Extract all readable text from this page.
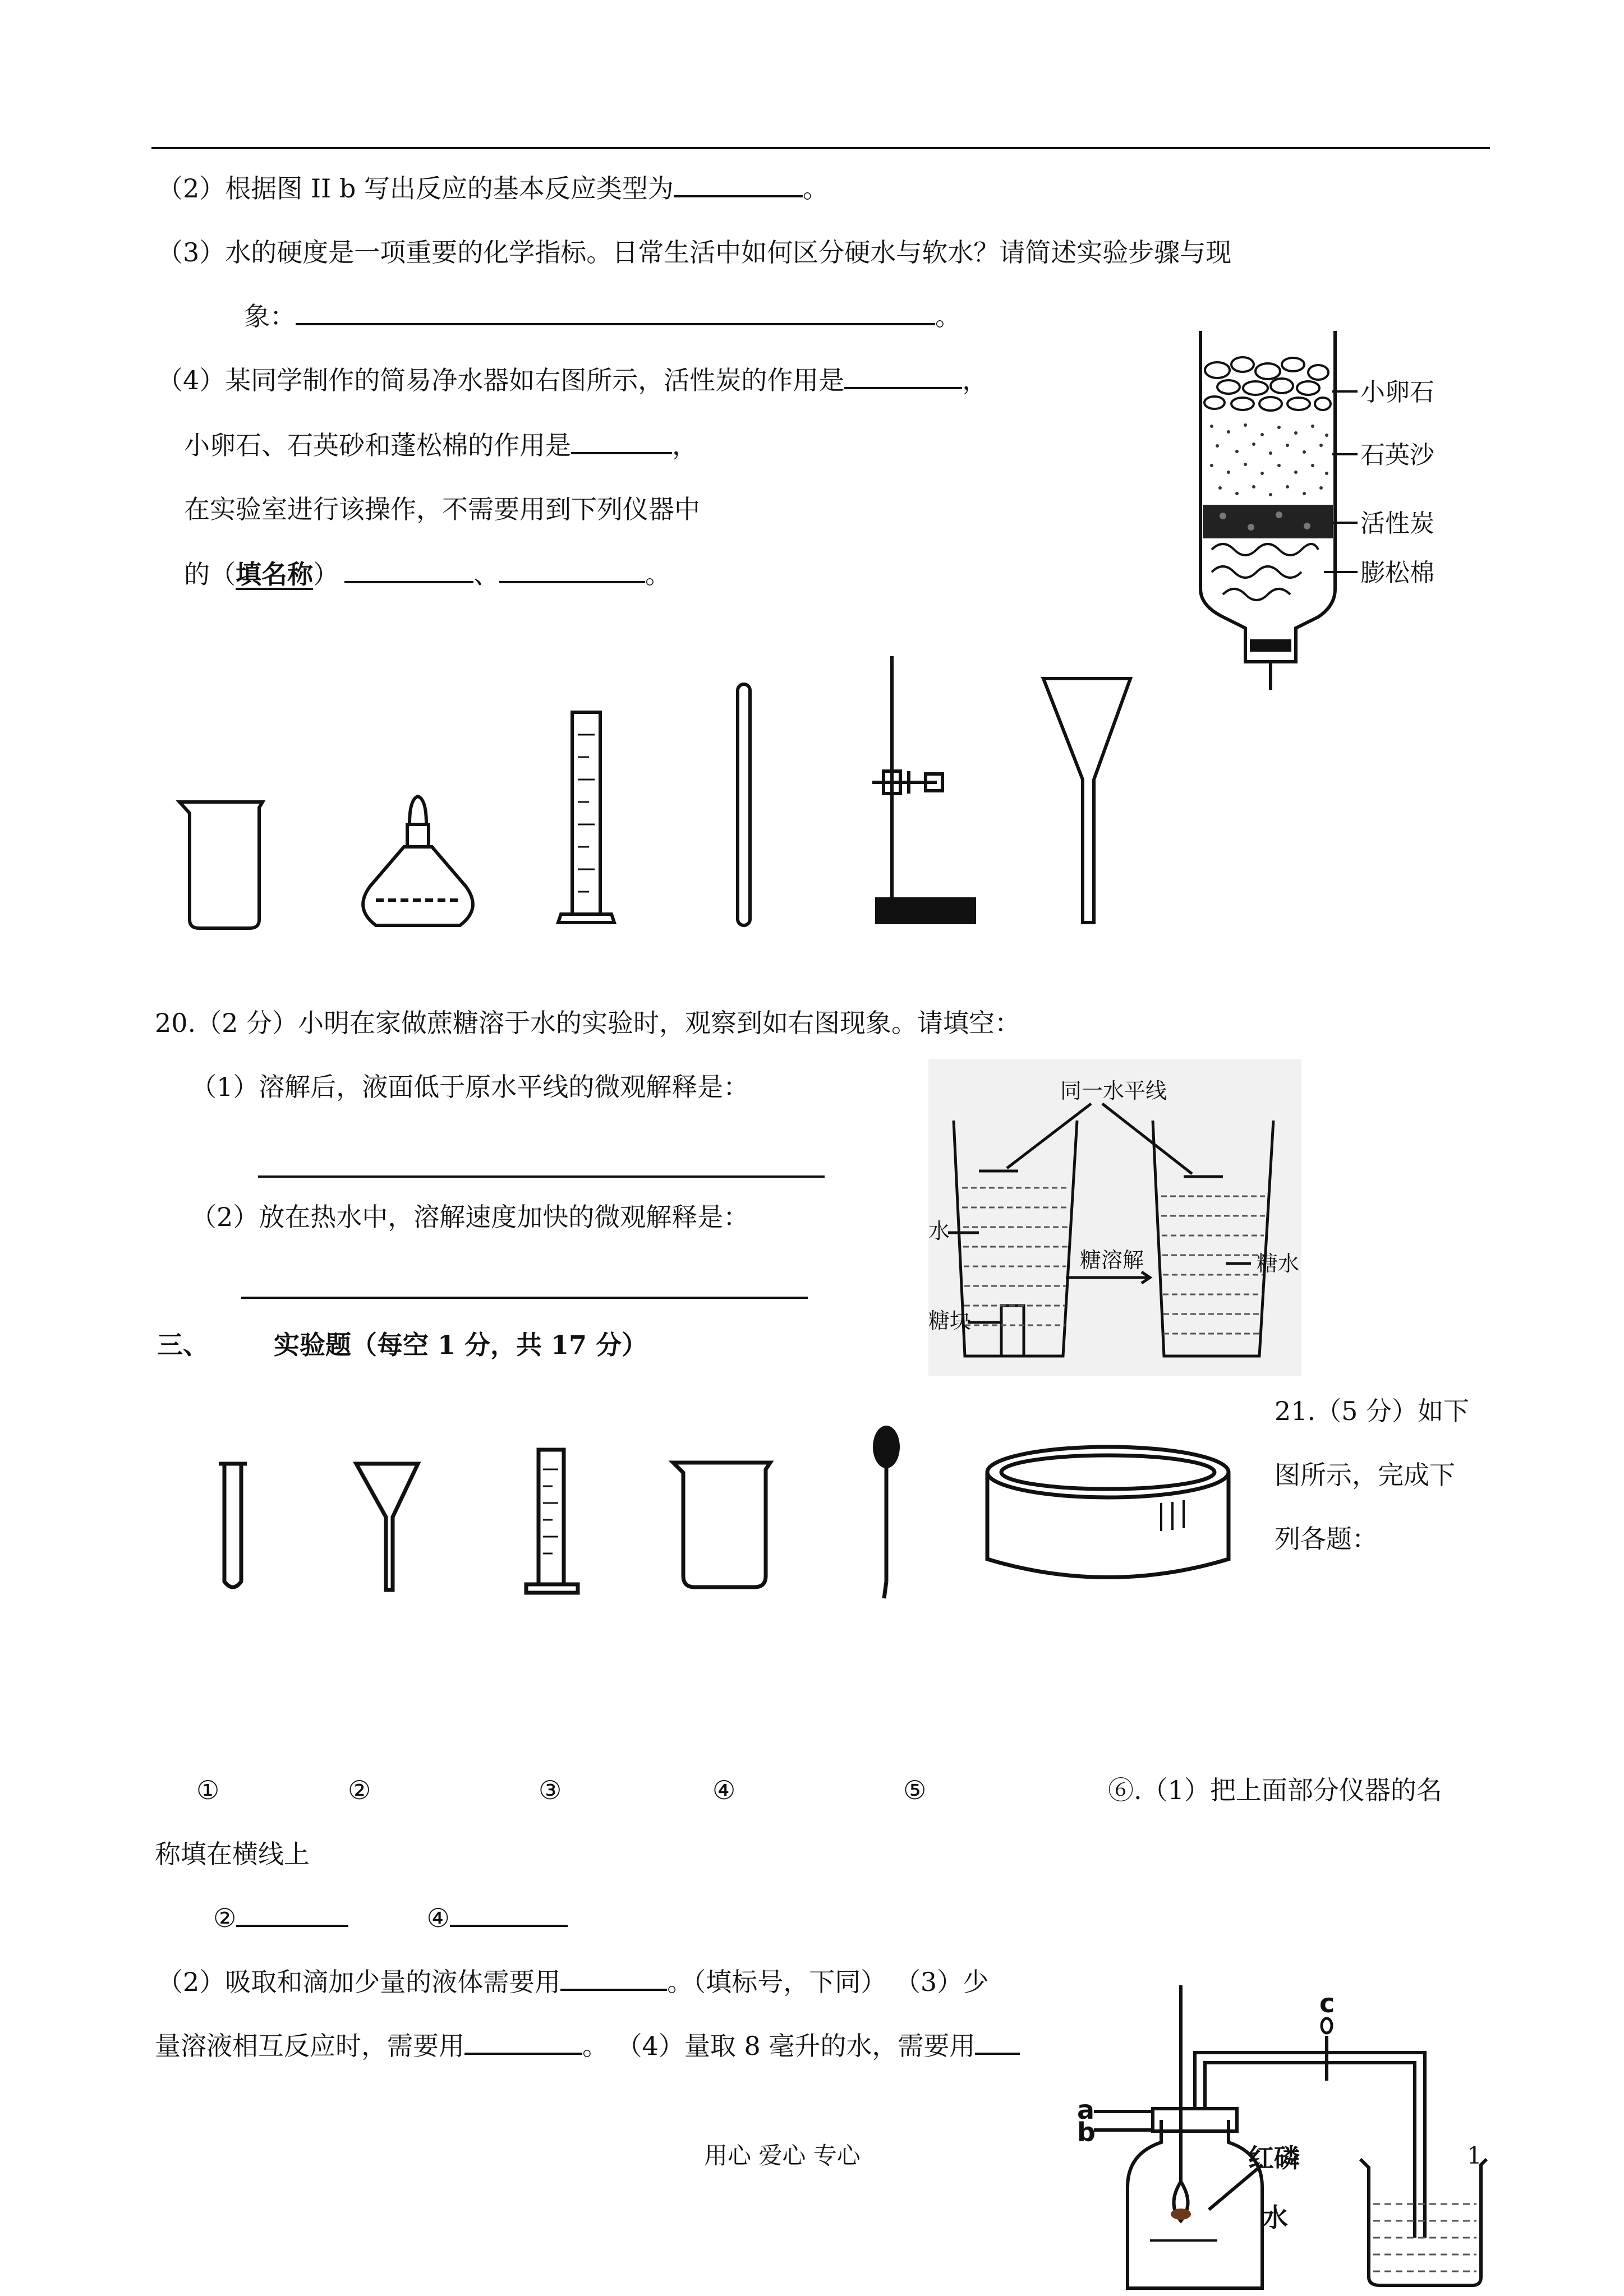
（2）根据图 II b 写出反应的基本反应类型为	。
（3）水的硬度是一项重要的化学指标。日常生活中如何区分硬水与软水？请简述实验步骤与现
象：	。
（4）某同学制作的简易净水器如右图所示，活性炭的作用是	，
小卵石、石英砂和蓬松棉的作用是	，
在实验室进行该操作，不需要用到下列仪器中
的（填名称）	、	。
小卵石
石英沙
活性炭
膨松棉
20.（2 分）小明在家做蔗糖溶于水的实验时，观察到如右图现象。请填空：
（1）溶解后，液面低于原水平线的微观解释是：
（2）放在热水中，溶解速度加快的微观解释是：
同一水平线
水
糖溶解	糖水
糖块
三、	实验题（每空 1 分，共 17 分）
21.（5 分）如下
图所示，完成下
列各题：
①	②	③	④	⑤	⑥.（1）把上面部分仪器的名
称填在横线上
②	④
（2）吸取和滴加少量的液体需要用	。（填标号，下同） （3）少
量溶液相互反应时，需要用	。 （4）量取 8 毫升的水，需要用
c
a
b
红磷
水
用心 爱心 专心	1
